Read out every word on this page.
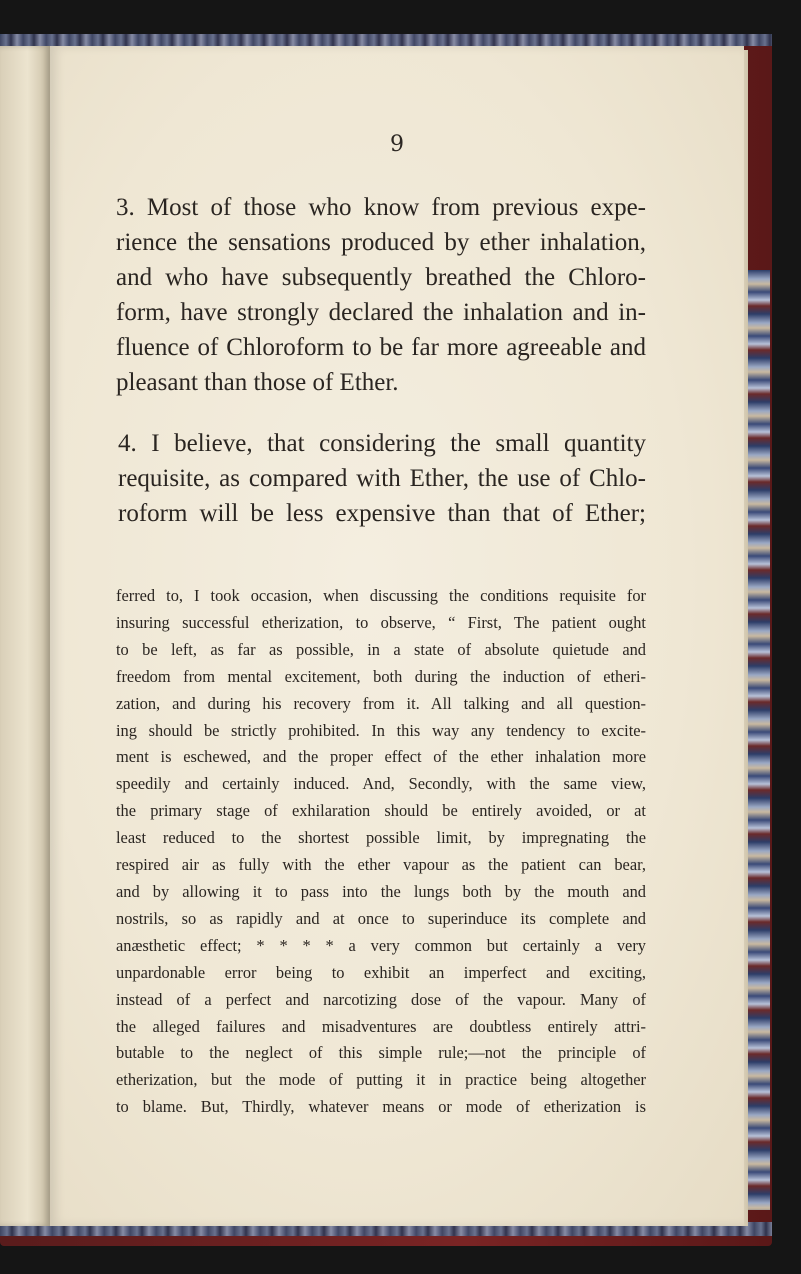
9
3. Most of those who know from previous expe-
rience the sensations produced by ether inhalation,
and who have subsequently breathed the Chloro-
form, have strongly declared the inhalation and in-
fluence of Chloroform to be far more agreeable and
pleasant than those of Ether.
4. I believe, that considering the small quantity
requisite, as compared with Ether, the use of Chlo-
roform will be less expensive than that of Ether;
ferred to, I took occasion, when discussing the conditions requisite for
insuring successful etherization, to observe, “ First, The patient ought
to be left, as far as possible, in a state of absolute quietude and
freedom from mental excitement, both during the induction of etheri-
zation, and during his recovery from it. All talking and all question-
ing should be strictly prohibited. In this way any tendency to excite-
ment is eschewed, and the proper effect of the ether inhalation more
speedily and certainly induced. And, Secondly, with the same view,
the primary stage of exhilaration should be entirely avoided, or at
least reduced to the shortest possible limit, by impregnating the
respired air as fully with the ether vapour as the patient can bear,
and by allowing it to pass into the lungs both by the mouth and
nostrils, so as rapidly and at once to superinduce its complete and
anæsthetic effect; * * * * a very common but certainly a very
unpardonable error being to exhibit an imperfect and exciting,
instead of a perfect and narcotizing dose of the vapour. Many of
the alleged failures and misadventures are doubtless entirely attri-
butable to the neglect of this simple rule;—not the principle of
etherization, but the mode of putting it in practice being altogether
to blame. But, Thirdly, whatever means or mode of etherization is
